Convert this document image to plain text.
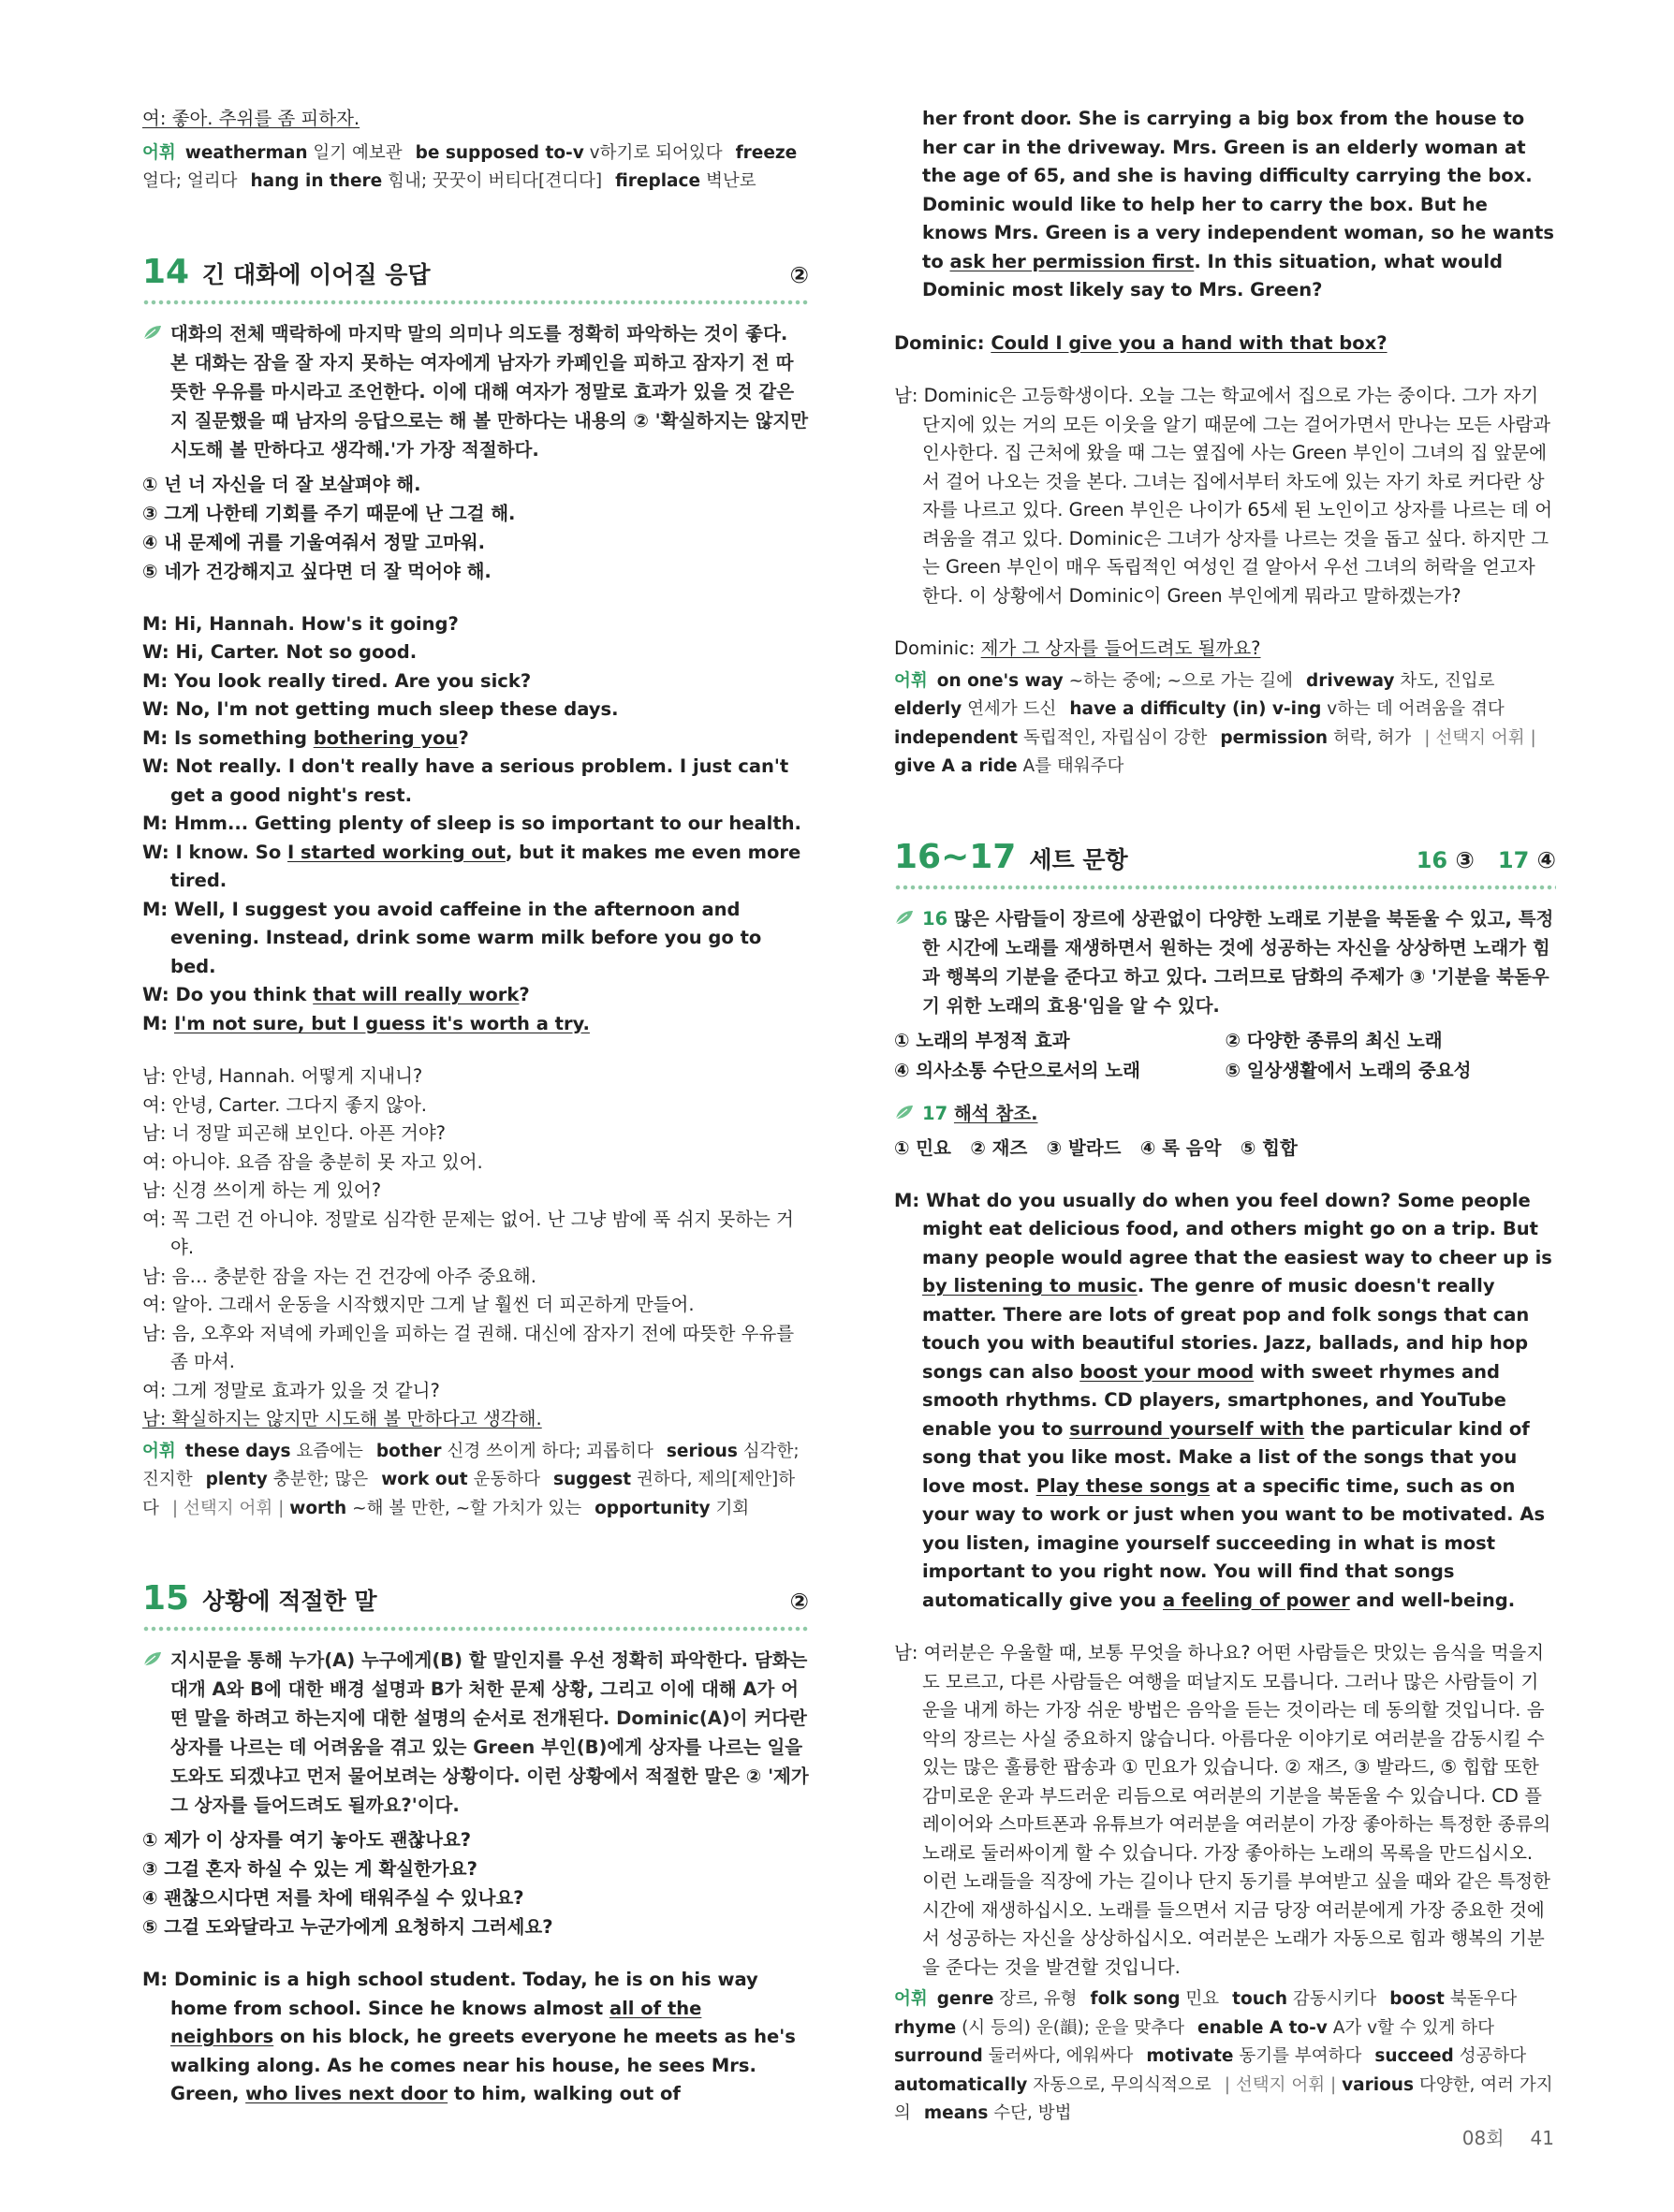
여: 좋아. 추위를 좀 피하자.
어휘 weatherman 일기 예보관 be supposed to-v v하기로 되어있다 freeze 얼다; 얼리다 hang in there 힘내; 꿋꿋이 버티다[견디다] fireplace 벽난로
14 긴 대화에 이어질 응답	②
대화의 전체 맥락하에 마지막 말의 의미나 의도를 정확히 파악하는 것이 좋다. 본 대화는 잠을 잘 자지 못하는 여자에게 남자가 카페인을 피하고 잠자기 전 따뜻한 우유를 마시라고 조언한다. 이에 대해 여자가 정말로 효과가 있을 것 같은지 질문했을 때 남자의 응답으로는 해 볼 만하다는 내용의 ② '확실하지는 않지만 시도해 볼 만하다고 생각해.'가 가장 적절하다.
① 넌 너 자신을 더 잘 보살펴야 해.
③ 그게 나한테 기회를 주기 때문에 난 그걸 해.
④ 내 문제에 귀를 기울여줘서 정말 고마워.
⑤ 네가 건강해지고 싶다면 더 잘 먹어야 해.
M: Hi, Hannah. How's it going?
W: Hi, Carter. Not so good.
M: You look really tired. Are you sick?
W: No, I'm not getting much sleep these days.
M: Is something bothering you?
W: Not really. I don't really have a serious problem. I just can't get a good night's rest.
M: Hmm... Getting plenty of sleep is so important to our health.
W: I know. So I started working out, but it makes me even more tired.
M: Well, I suggest you avoid caffeine in the afternoon and evening. Instead, drink some warm milk before you go to bed.
W: Do you think that will really work?
M: I'm not sure, but I guess it's worth a try.
남: 안녕, Hannah. 어떻게 지내니?
여: 안녕, Carter. 그다지 좋지 않아.
남: 너 정말 피곤해 보인다. 아픈 거야?
여: 아니야. 요즘 잠을 충분히 못 자고 있어.
남: 신경 쓰이게 하는 게 있어?
여: 꼭 그런 건 아니야. 정말로 심각한 문제는 없어. 난 그냥 밤에 푹 쉬지 못하는 거야.
남: 음… 충분한 잠을 자는 건 건강에 아주 중요해.
여: 알아. 그래서 운동을 시작했지만 그게 날 훨씬 더 피곤하게 만들어.
남: 음, 오후와 저녁에 카페인을 피하는 걸 권해. 대신에 잠자기 전에 따뜻한 우유를 좀 마셔.
여: 그게 정말로 효과가 있을 것 같니?
남: 확실하지는 않지만 시도해 볼 만하다고 생각해.
어휘 these days 요즘에는 bother 신경 쓰이게 하다; 괴롭히다 serious 심각한; 진지한 plenty 충분한; 많은 work out 운동하다 suggest 권하다, 제의[제안]하다 | 선택지 어휘 | worth ~해 볼 만한, ~할 가치가 있는 opportunity 기회
15 상황에 적절한 말	②
지시문을 통해 누가(A) 누구에게(B) 할 말인지를 우선 정확히 파악한다. 담화는 대개 A와 B에 대한 배경 설명과 B가 처한 문제 상황, 그리고 이에 대해 A가 어떤 말을 하려고 하는지에 대한 설명의 순서로 전개된다. Dominic(A)이 커다란 상자를 나르는 데 어려움을 겪고 있는 Green 부인(B)에게 상자를 나르는 일을 도와도 되겠냐고 먼저 물어보려는 상황이다. 이런 상황에서 적절한 말은 ② '제가 그 상자를 들어드려도 될까요?'이다.
① 제가 이 상자를 여기 놓아도 괜찮나요?
③ 그걸 혼자 하실 수 있는 게 확실한가요?
④ 괜찮으시다면 저를 차에 태워주실 수 있나요?
⑤ 그걸 도와달라고 누군가에게 요청하지 그러세요?
M: Dominic is a high school student. Today, he is on his way home from school. Since he knows almost all of the neighbors on his block, he greets everyone he meets as he's walking along. As he comes near his house, he sees Mrs. Green, who lives next door to him, walking out of
her front door. She is carrying a big box from the house to her car in the driveway. Mrs. Green is an elderly woman at the age of 65, and she is having difficulty carrying the box. Dominic would like to help her to carry the box. But he knows Mrs. Green is a very independent woman, so he wants to ask her permission first. In this situation, what would Dominic most likely say to Mrs. Green?
Dominic: Could I give you a hand with that box?
남: Dominic은 고등학생이다. 오늘 그는 학교에서 집으로 가는 중이다. 그가 자기 단지에 있는 거의 모든 이웃을 알기 때문에 그는 걸어가면서 만나는 모든 사람과 인사한다. 집 근처에 왔을 때 그는 옆집에 사는 Green 부인이 그녀의 집 앞문에서 걸어 나오는 것을 본다. 그녀는 집에서부터 차도에 있는 자기 차로 커다란 상자를 나르고 있다. Green 부인은 나이가 65세 된 노인이고 상자를 나르는 데 어려움을 겪고 있다. Dominic은 그녀가 상자를 나르는 것을 돕고 싶다. 하지만 그는 Green 부인이 매우 독립적인 여성인 걸 알아서 우선 그녀의 허락을 얻고자 한다. 이 상황에서 Dominic이 Green 부인에게 뭐라고 말하겠는가?
Dominic: 제가 그 상자를 들어드려도 될까요?
어휘 on one's way ~하는 중에; ~으로 가는 길에 driveway 차도, 진입로elderly 연세가 드신 have a difficulty (in) v-ing v하는 데 어려움을 겪다independent 독립적인, 자립심이 강한 permission 허락, 허가 | 선택지 어휘 | give A a ride A를 태워주다
16~17 세트 문항	16 ③ 17 ④
16 많은 사람들이 장르에 상관없이 다양한 노래로 기분을 북돋울 수 있고, 특정한 시간에 노래를 재생하면서 원하는 것에 성공하는 자신을 상상하면 노래가 힘과 행복의 기분을 준다고 하고 있다. 그러므로 담화의 주제가 ③ '기분을 북돋우기 위한 노래의 효용'임을 알 수 있다.
① 노래의 부정적 효과	② 다양한 종류의 최신 노래
④ 의사소통 수단으로서의 노래	⑤ 일상생활에서 노래의 중요성
17 해석 참조.
① 민요   ② 재즈   ③ 발라드   ④ 록 음악   ⑤ 힙합
M: What do you usually do when you feel down? Some people might eat delicious food, and others might go on a trip. But many people would agree that the easiest way to cheer up is by listening to music. The genre of music doesn't really matter. There are lots of great pop and folk songs that can touch you with beautiful stories. Jazz, ballads, and hip hop songs can also boost your mood with sweet rhymes and smooth rhythms. CD players, smartphones, and YouTube enable you to surround yourself with the particular kind of song that you like most. Make a list of the songs that you love most. Play these songs at a specific time, such as on your way to work or just when you want to be motivated. As you listen, imagine yourself succeeding in what is most important to you right now. You will find that songs automatically give you a feeling of power and well-being.
남: 여러분은 우울할 때, 보통 무엇을 하나요? 어떤 사람들은 맛있는 음식을 먹을지도 모르고, 다른 사람들은 여행을 떠날지도 모릅니다. 그러나 많은 사람들이 기운을 내게 하는 가장 쉬운 방법은 음악을 듣는 것이라는 데 동의할 것입니다. 음악의 장르는 사실 중요하지 않습니다. 아름다운 이야기로 여러분을 감동시킬 수 있는 많은 훌륭한 팝송과 ① 민요가 있습니다. ② 재즈, ③ 발라드, ⑤ 힙합 또한 감미로운 운과 부드러운 리듬으로 여러분의 기분을 북돋울 수 있습니다. CD 플레이어와 스마트폰과 유튜브가 여러분을 여러분이 가장 좋아하는 특정한 종류의 노래로 둘러싸이게 할 수 있습니다. 가장 좋아하는 노래의 목록을 만드십시오. 이런 노래들을 직장에 가는 길이나 단지 동기를 부여받고 싶을 때와 같은 특정한 시간에 재생하십시오. 노래를 들으면서 지금 당장 여러분에게 가장 중요한 것에서 성공하는 자신을 상상하십시오. 여러분은 노래가 자동으로 힘과 행복의 기분을 준다는 것을 발견할 것입니다.
어휘 genre 장르, 유형 folk song 민요 touch 감동시키다 boost 북돋우다rhyme (시 등의) 운(韻); 운을 맞추다 enable A to-v A가 v할 수 있게 하다surround 둘러싸다, 에워싸다 motivate 동기를 부여하다 succeed 성공하다automatically 자동으로, 무의식적으로 | 선택지 어휘 | various 다양한, 여러 가지의 means 수단, 방법
08회 41
